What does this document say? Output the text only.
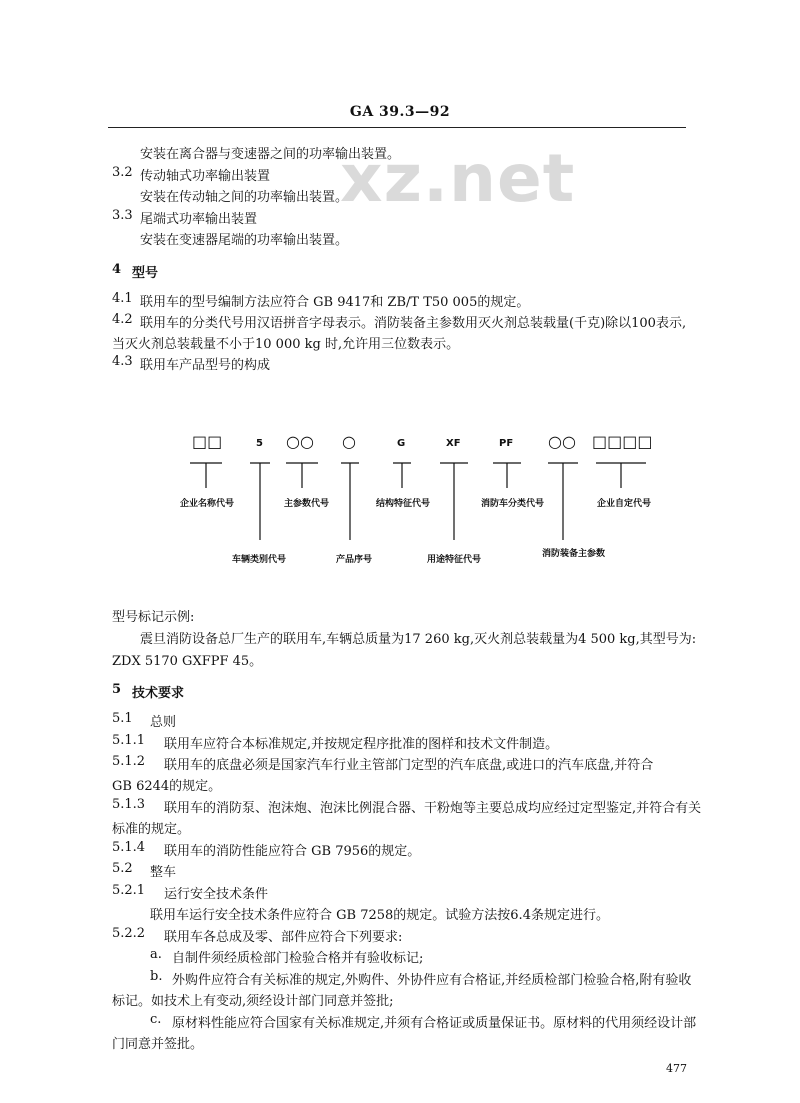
GA 39.3—92
xz.net
安装在离合器与变速器之间的功率输出装置。
3.2 传动轴式功率输出装置
安装在传动轴之间的功率输出装置。
3.3 尾端式功率输出装置
安装在变速器尾端的功率输出装置。
4 型号
4.1 联用车的型号编制方法应符合 GB 9417和 ZB/T T50 005的规定。
4.2 联用车的分类代号用汉语拼音字母表示。消防装备主参数用灭火剂总装载量(千克)除以100表示,
当灭火剂总装载量不小于10 000 kg 时,允许用三位数表示。
4.3 联用车产品型号的构成
□□	5 ○○ ○	G	XF	PF ○○ □□□□
企业名称代号	主参数代号	结构特征代号	消防车分类代号	企业自定代号
车辆类别代号	产品序号	用途特征代号
消防装备主参数
型号标记示例:
震旦消防设备总厂生产的联用车,车辆总质量为17 260 kg,灭火剂总装载量为4 500 kg,其型号为:
ZDX 5170 GXFPF 45。
5 技术要求
5.1 总则
5.1.1 联用车应符合本标准规定,并按规定程序批准的图样和技术文件制造。
5.1.2 联用车的底盘必须是国家汽车行业主管部门定型的汽车底盘,或进口的汽车底盘,并符合
GB 6244的规定。
5.1.3 联用车的消防泵、泡沫炮、泡沫比例混合器、干粉炮等主要总成均应经过定型鉴定,并符合有关
标准的规定。
5.1.4 联用车的消防性能应符合 GB 7956的规定。
5.2 整车
5.2.1 运行安全技术条件
联用车运行安全技术条件应符合 GB 7258的规定。试验方法按6.4条规定进行。
5.2.2 联用车各总成及零、部件应符合下列要求:
a. 自制件须经质检部门检验合格并有验收标记;
b. 外购件应符合有关标准的规定,外购件、外协件应有合格证,并经质检部门检验合格,附有验收
标记。如技术上有变动,须经设计部门同意并签批;
c. 原材料性能应符合国家有关标准规定,并须有合格证或质量保证书。原材料的代用须经设计部
门同意并签批。
477
